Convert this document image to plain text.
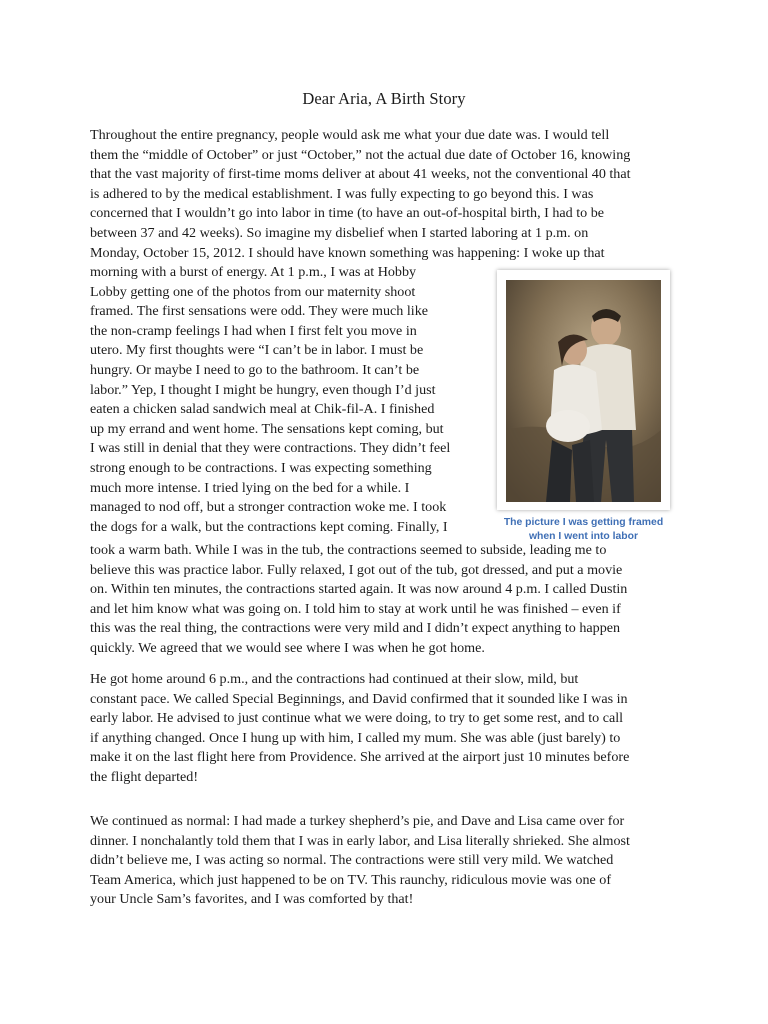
Dear Aria, A Birth Story
Throughout the entire pregnancy, people would ask me what your due date was. I would tell
them the “middle of October” or just “October,” not the actual due date of October 16, knowing
that the vast majority of first-time moms deliver at about 41 weeks, not the conventional 40 that
is adhered to by the medical establishment. I was fully expecting to go beyond this. I was
concerned that I wouldn’t go into labor in time (to have an out-of-hospital birth, I had to be
between 37 and 42 weeks). So imagine my disbelief when I started laboring at 1 p.m. on
Monday, October 15, 2012. I should have known something was happening: I woke up that
morning with a burst of energy. At 1 p.m., I was at Hobby
Lobby getting one of the photos from our maternity shoot
framed. The first sensations were odd. They were much like
the non-cramp feelings I had when I first felt you move in
utero. My first thoughts were “I can’t be in labor. I must be
hungry. Or maybe I need to go to the bathroom. It can’t be
labor.” Yep, I thought I might be hungry, even though I’d just
eaten a chicken salad sandwich meal at Chik-fil-A. I finished
up my errand and went home. The sensations kept coming, but
I was still in denial that they were contractions. They didn’t feel
strong enough to be contractions. I was expecting something
much more intense. I tried lying on the bed for a while. I
managed to nod off, but a stronger contraction woke me. I took
the dogs for a walk, but the contractions kept coming. Finally, I
took a warm bath. While I was in the tub, the contractions seemed to subside, leading me to
believe this was practice labor. Fully relaxed, I got out of the tub, got dressed, and put a movie
on. Within ten minutes, the contractions started again. It was now around 4 p.m. I called Dustin
and let him know what was going on. I told him to stay at work until he was finished – even if
this was the real thing, the contractions were very mild and I didn’t expect anything to happen
quickly. We agreed that we would see where I was when he got home.
He got home around 6 p.m., and the contractions had continued at their slow, mild, but
constant pace. We called Special Beginnings, and David confirmed that it sounded like I was in
early labor. He advised to just continue what we were doing, to try to get some rest, and to call
if anything changed. Once I hung up with him, I called my mum. She was able (just barely) to
make it on the last flight here from Providence. She arrived at the airport just 10 minutes before
the flight departed!
We continued as normal: I had made a turkey shepherd’s pie, and Dave and Lisa came over for
dinner. I nonchalantly told them that I was in early labor, and Lisa literally shrieked. She almost
didn’t believe me, I was acting so normal. The contractions were still very mild. We watched
Team America, which just happened to be on TV. This raunchy, ridiculous movie was one of
your Uncle Sam’s favorites, and I was comforted by that!
The picture I was getting framed
when I went into labor
